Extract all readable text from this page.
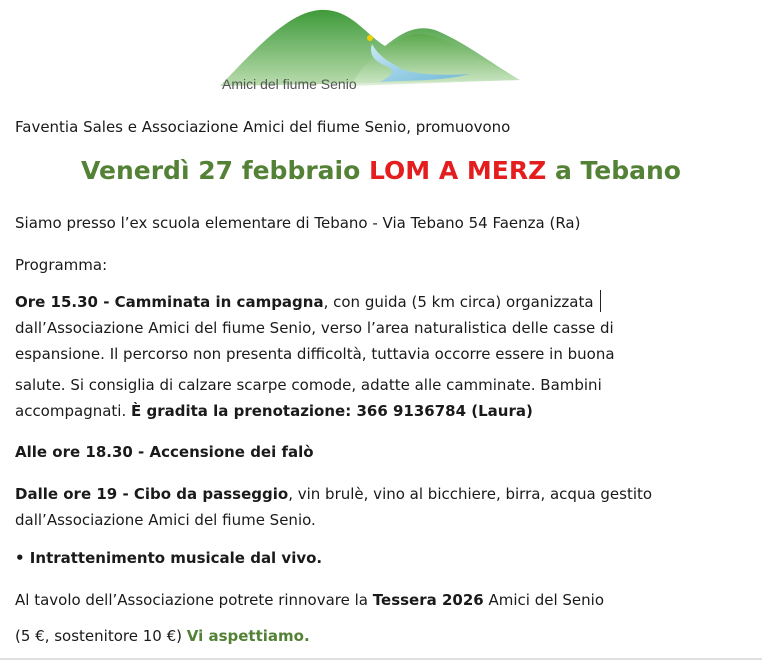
Amici del fiume Senio

Faventia Sales e Associazione Amici del fiume Senio, promuovono

Venerdì 27 febbraio LOM A MERZ a Tebano

Siamo presso l’ex scuola elementare di Tebano - Via Tebano 54 Faenza (Ra)

Programma:

Ore 15.30 - Camminata in campagna, con guida (5 km circa) organizzata

dall’Associazione Amici del fiume Senio, verso l’area naturalistica delle casse di

espansione. Il percorso non presenta difficoltà, tuttavia occorre essere in buona

salute. Si consiglia di calzare scarpe comode, adatte alle camminate. Bambini

accompagnati. È gradita la prenotazione: 366 9136784 (Laura)

Alle ore 18.30 - Accensione dei falò

Dalle ore 19 - Cibo da passeggio, vin brulè, vino al bicchiere, birra, acqua gestito

dall’Associazione Amici del fiume Senio.

• Intrattenimento musicale dal vivo.

Al tavolo dell’Associazione potrete rinnovare la Tessera 2026 Amici del Senio

(5 €, sostenitore 10 €) Vi aspettiamo.
